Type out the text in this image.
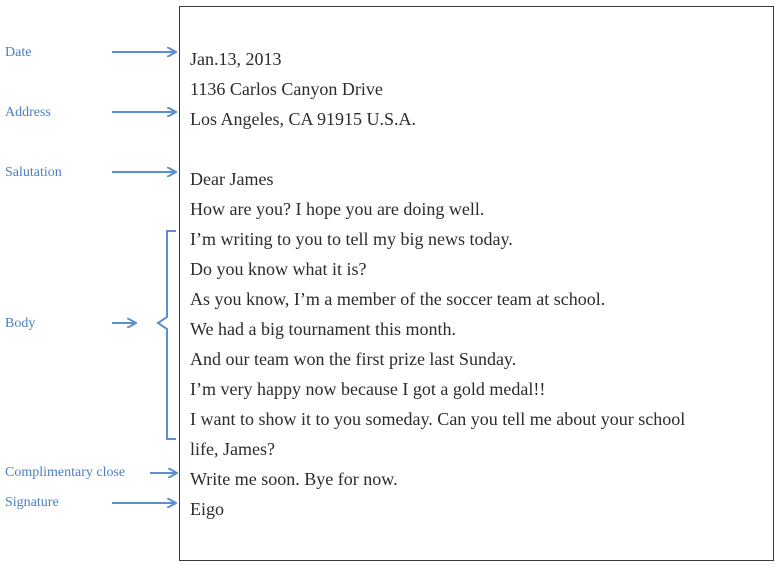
Date
Address
Salutation
Body
Complimentary close
Signature
Jan.13, 2013
1136 Carlos Canyon Drive
Los Angeles, CA 91915 U.S.A.
Dear James
How are you? I hope you are doing well.
I’m writing to you to tell my big news today.
Do you know what it is?
As you know, I’m a member of the soccer team at school.
We had a big tournament this month.
And our team won the first prize last Sunday.
I’m very happy now because I got a gold medal!!
I want to show it to you someday. Can you tell me about your school
life, James?
Write me soon. Bye for now.
Eigo
